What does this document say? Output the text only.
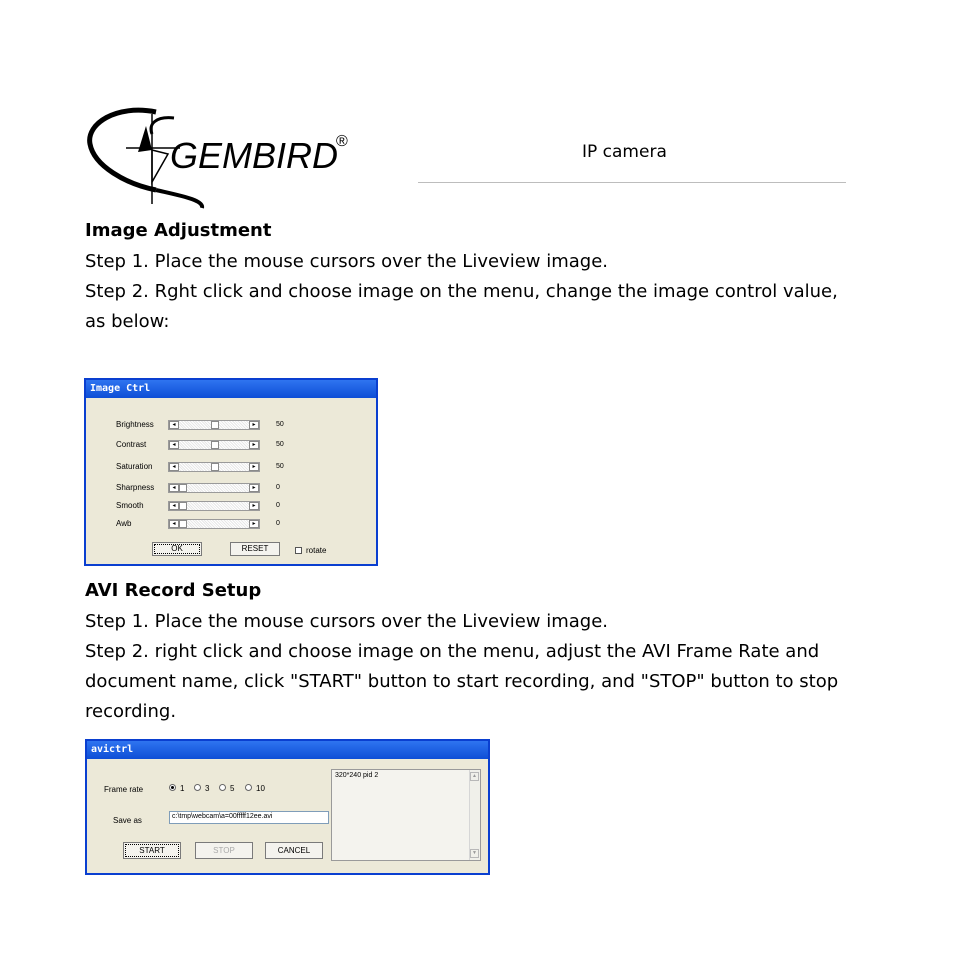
GEMBIRD
®
IP camera
Image Adjustment
Step 1. Place the mouse cursors over the Liveview image.
Step 2. Rght click and choose image on the menu, change the image control value, as below:
Image Ctrl
Brightness	◂	▸	50
Contrast	◂	▸	50
Saturation	◂	▸	50
Sharpness	◂	▸	0
Smooth	◂	▸	0
Awb	◂	▸	0
OK	RESET	rotate
AVI Record Setup
Step 1. Place the mouse cursors over the Liveview image.
Step 2. right click and choose image on the menu, adjust the AVI Frame Rate and document name, click "START" button to start recording, and "STOP" button to stop recording.
avictrl
Frame rate	1	3	5	10
Save as	c:\tmp\webcam\a=00fffff12ee.avi
320*240 pid 2	▲
▼
START	STOP	CANCEL
